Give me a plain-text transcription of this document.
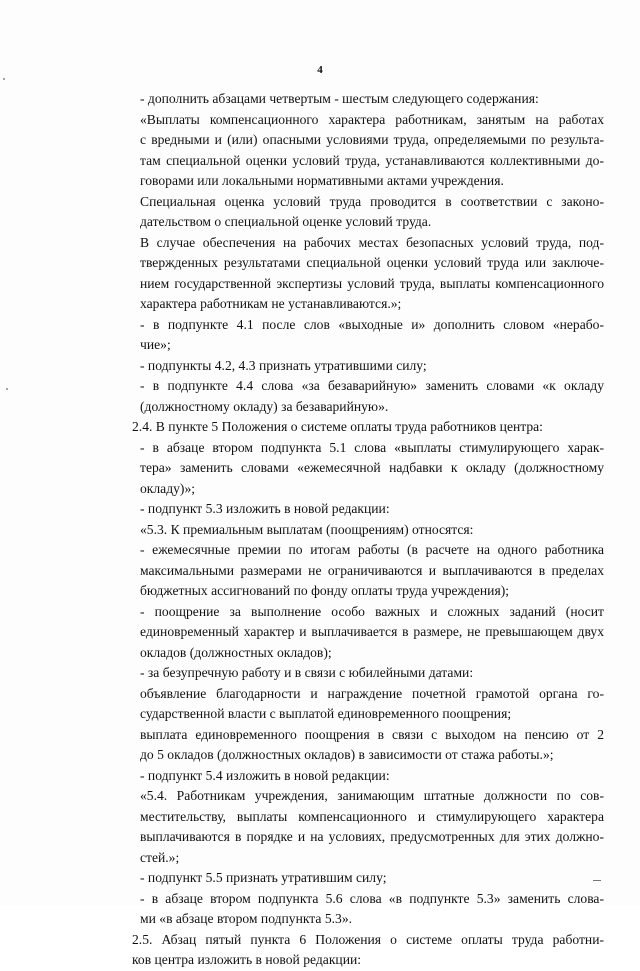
4

- дополнить абзацами четвертым - шестым следующего содержания:

«Выплаты компенсационного характера работникам, занятым на работах
с вредными и (или) опасными условиями труда, определяемыми по результа-
там специальной оценки условий труда, устанавливаются коллективными до-
говорами или локальными нормативными актами учреждения.

Специальная оценка условий труда проводится в соответствии с законо-
дательством о специальной оценке условий труда.

В случае обеспечения на рабочих местах безопасных условий труда, под-
твержденных результатами специальной оценки условий труда или заключе-
нием государственной экспертизы условий труда, выплаты компенсационного
характера работникам не устанавливаются.»;

- в подпункте 4.1 после слов «выходные и» дополнить словом «нерабо-
чие»;

- подпункты 4.2, 4.3 признать утратившими силу;

- в подпункте 4.4 слова «за безаварийную» заменить словами «к окладу
(должностному окладу) за безаварийную».

2.4. В пункте 5 Положения о системе оплаты труда работников центра:

- в абзаце втором подпункта 5.1 слова «выплаты стимулирующего харак-
тера» заменить словами «ежемесячной надбавки к окладу (должностному
окладу)»;

- подпункт 5.3 изложить в новой редакции:

«5.3. К премиальным выплатам (поощрениям) относятся:

- ежемесячные премии по итогам работы (в расчете на одного работника
максимальными размерами не ограничиваются и выплачиваются в пределах
бюджетных ассигнований по фонду оплаты труда учреждения);

- поощрение за выполнение особо важных и сложных заданий (носит
единовременный характер и выплачивается в размере, не превышающем двух
окладов (должностных окладов);

- за безупречную работу и в связи с юбилейными датами:

объявление благодарности и награждение почетной грамотой органа го-
сударственной власти с выплатой единовременного поощрения;

выплата единовременного поощрения в связи с выходом на пенсию от 2
до 5 окладов (должностных окладов) в зависимости от стажа работы.»;

- подпункт 5.4 изложить в новой редакции:

«5.4. Работникам учреждения, занимающим штатные должности по сов-
местительству, выплаты компенсационного и стимулирующего характера
выплачиваются в порядке и на условиях, предусмотренных для этих должно-
стей.»;

- подпункт 5.5 признать утратившим силу;

- в абзаце втором подпункта 5.6 слова «в подпункте 5.3» заменить слова-
ми «в абзаце втором подпункта 5.3».

2.5. Абзац пятый пункта 6 Положения о системе оплаты труда работни-
ков центра изложить в новой редакции:
